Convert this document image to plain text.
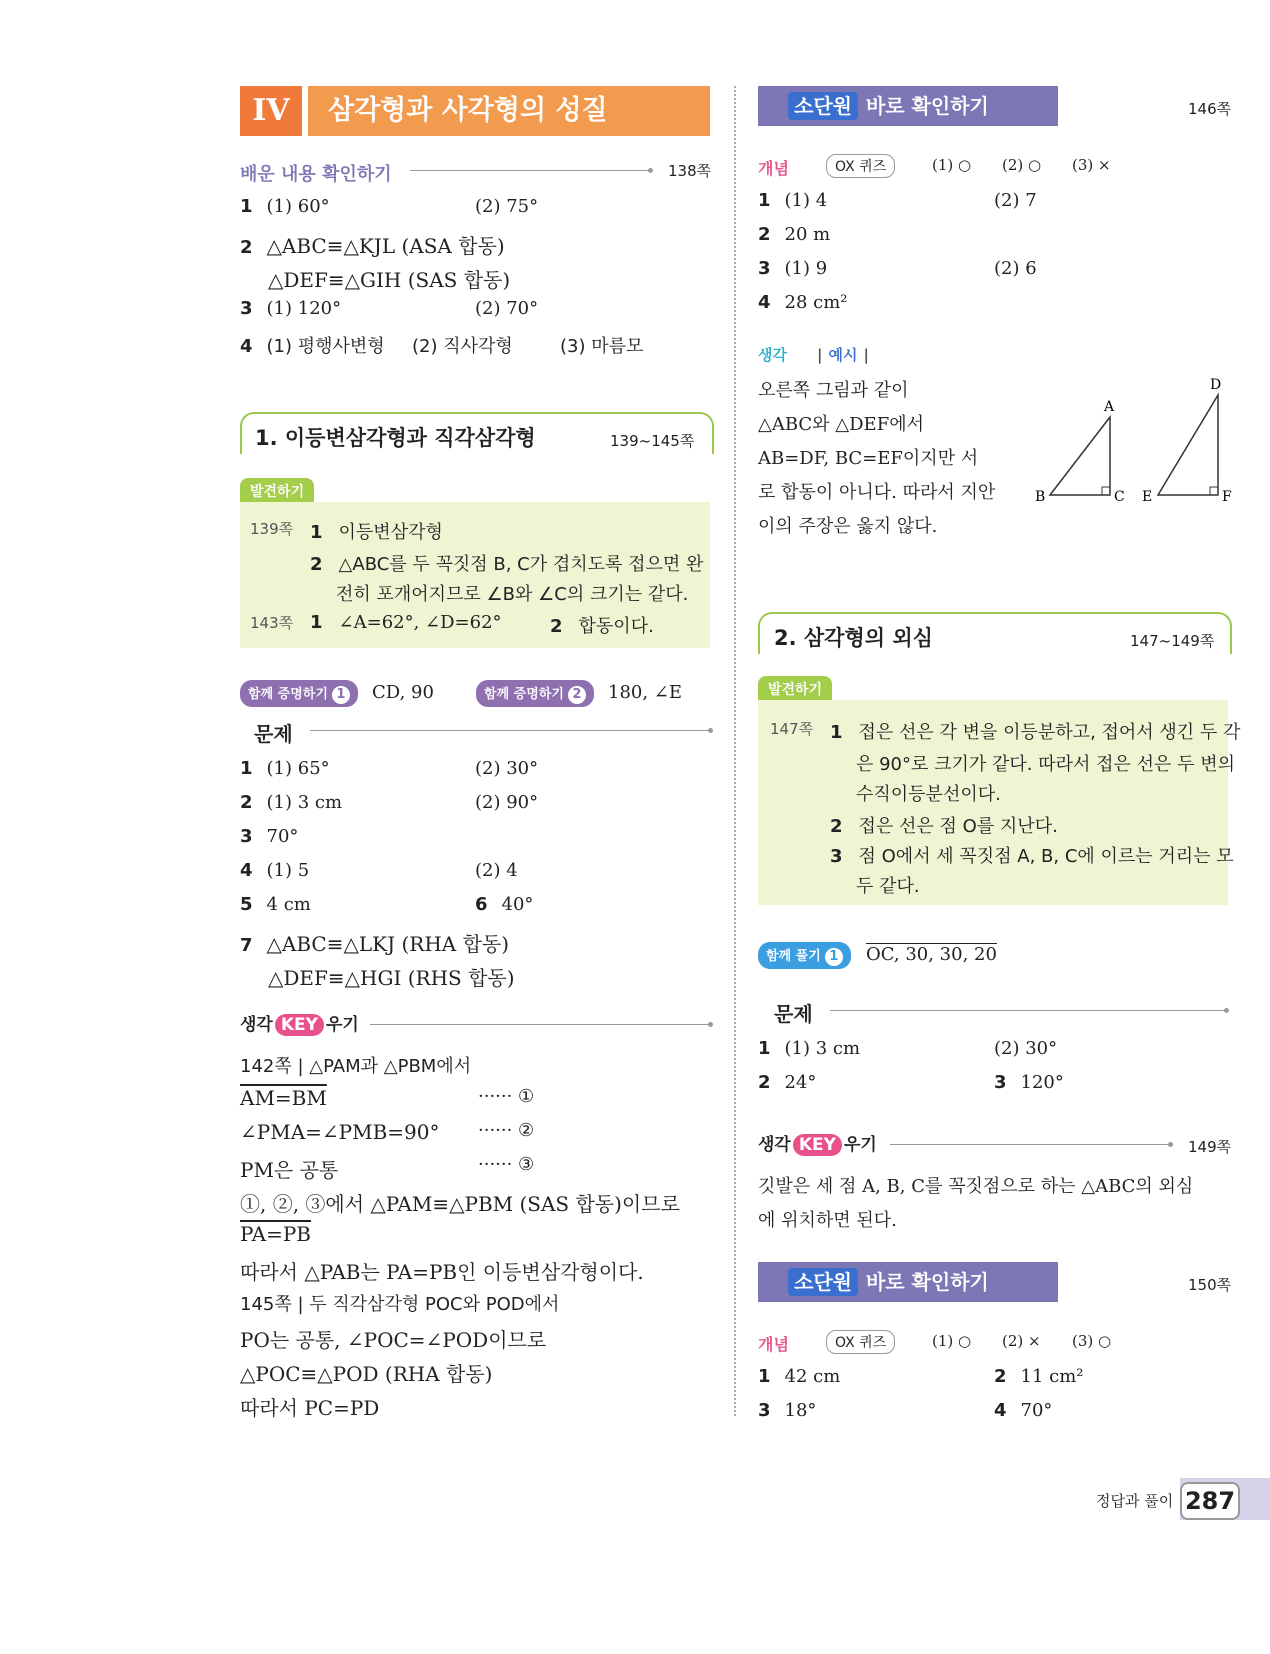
IV	삼각형과 사각형의 성질
배운 내용 확인하기	138쪽
1 (1) 60°	(2) 75°
2 △ABC≡△KJL (ASA 합동)
△DEF≡△GIH (SAS 합동)
3 (1) 120°	(2) 70°
4 (1) 평행사변형 (2) 직사각형	(3) 마름모
1. 이등변삼각형과 직각삼각형	139~145쪽
발견하기
139쪽 1 이등변삼각형
2 △ABC를 두 꼭짓점 B, C가 겹치도록 접으면 완
전히 포개어지므로 ∠B와 ∠C의 크기는 같다.
143쪽 1 ∠A=62°, ∠D=62°	2 합동이다.
함께 증명하기 1	CD, 90	함께 증명하기 2	180, ∠E
문제
1 (1) 65°	(2) 30°
2 (1) 3 cm	(2) 90°
3 70°
4 (1) 5	(2) 4
5 4 cm	6 40°
7 △ABC≡△LKJ (RHA 합동)
△DEF≡△HGI (RHS 합동)
생각 KEY 우기
142쪽 | △PAM과 △PBM에서
AM=BM	······ ①
∠PMA=∠PMB=90° ······ ②
PM은 공통	······ ③
①, ②, ③에서 △PAM≡△PBM (SAS 합동)이므로
PA=PB
따라서 △PAB는 PA=PB인 이등변삼각형이다.
145쪽 | 두 직각삼각형 POC와 POD에서
PO는 공통, ∠POC=∠POD이므로
△POC≡△POD (RHA 합동)
따라서 PC=PD
소단원 바로 확인하기	146쪽
개념	OX 퀴즈	(1) ○ (2) ○ (3) ×
1 (1) 4	(2) 7
2 20 m
3 (1) 9	(2) 6
4 28 cm²
생각 | 예시 |
오른쪽 그림과 같이
△ABC와 △DEF에서
AB=DF, BC=EF이지만 서
로 합동이 아니다. 따라서 지안
이의 주장은 옳지 않다.
A
B	C
D
E	F
2. 삼각형의 외심	147~149쪽
발견하기
147쪽 1 접은 선은 각 변을 이등분하고, 접어서 생긴 두 각
은 90°로 크기가 같다. 따라서 접은 선은 두 변의
수직이등분선이다.
2 접은 선은 점 O를 지난다.
3 점 O에서 세 꼭짓점 A, B, C에 이르는 거리는 모
두 같다.
함께 풀기 1	OC, 30, 30, 20
문제
1 (1) 3 cm	(2) 30°
2 24°	3 120°
생각 KEY 우기	149쪽
깃발은 세 점 A, B, C를 꼭짓점으로 하는 △ABC의 외심
에 위치하면 된다.
소단원 바로 확인하기	150쪽
개념	OX 퀴즈	(1) ○ (2) × (3) ○
1 42 cm	2 11 cm²
3 18°	4 70°
정답과 풀이 287
